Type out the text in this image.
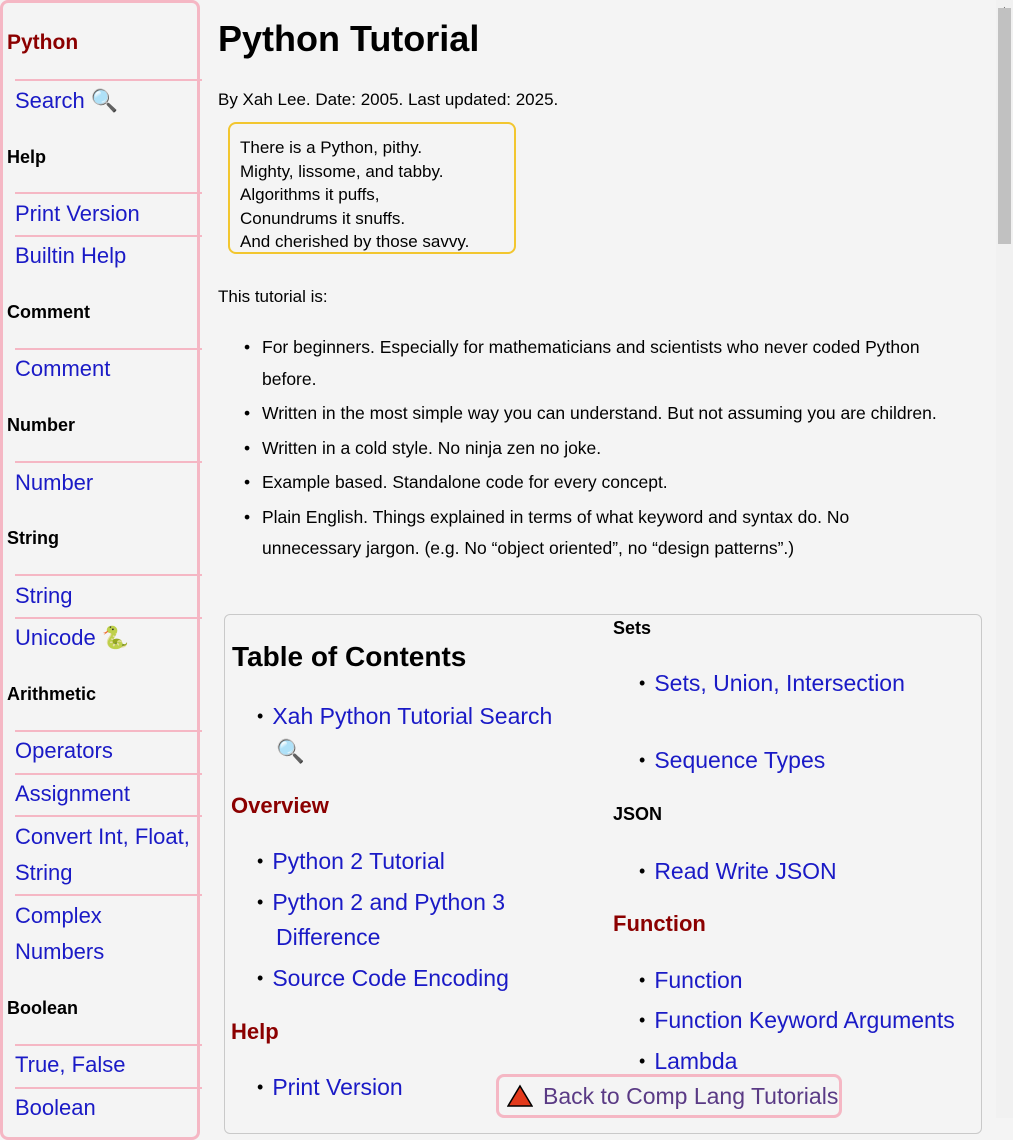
Python
Search 🔍
Help
Print Version
Builtin Help
Comment
Comment
Number
Number
String
String
Unicode 🐍
Arithmetic
Operators
Assignment
Convert Int, Float,
String
Complex
Numbers
Boolean
True, False
Boolean
Python Tutorial
By Xah Lee. Date: 2005. Last updated: 2025.
There is a Python, pithy.
Mighty, lissome, and tabby.
Algorithms it puffs,
Conundrums it snuffs.
And cherished by those savvy.
This tutorial is:
• For beginners. Especially for mathematicians and scientists who never coded Python before.
• Written in the most simple way you can understand. But not assuming you are children.
• Written in a cold style. No ninja zen no joke.
• Example based. Standalone code for every concept.
• Plain English. Things explained in terms of what keyword and syntax do. No unnecessary jargon. (e.g. No “object oriented”, no “design patterns”.)
Table of Contents
• Xah Python Tutorial Search
🔍
Overview
• Python 2 Tutorial
• Python 2 and Python 3
Difference
• Source Code Encoding
Help
• Print Version
Sets
• Sets, Union, Intersection
• Sequence Types
JSON
• Read Write JSON
Function
• Function
• Function Keyword Arguments
• Lambda
Back to Comp Lang Tutorials
